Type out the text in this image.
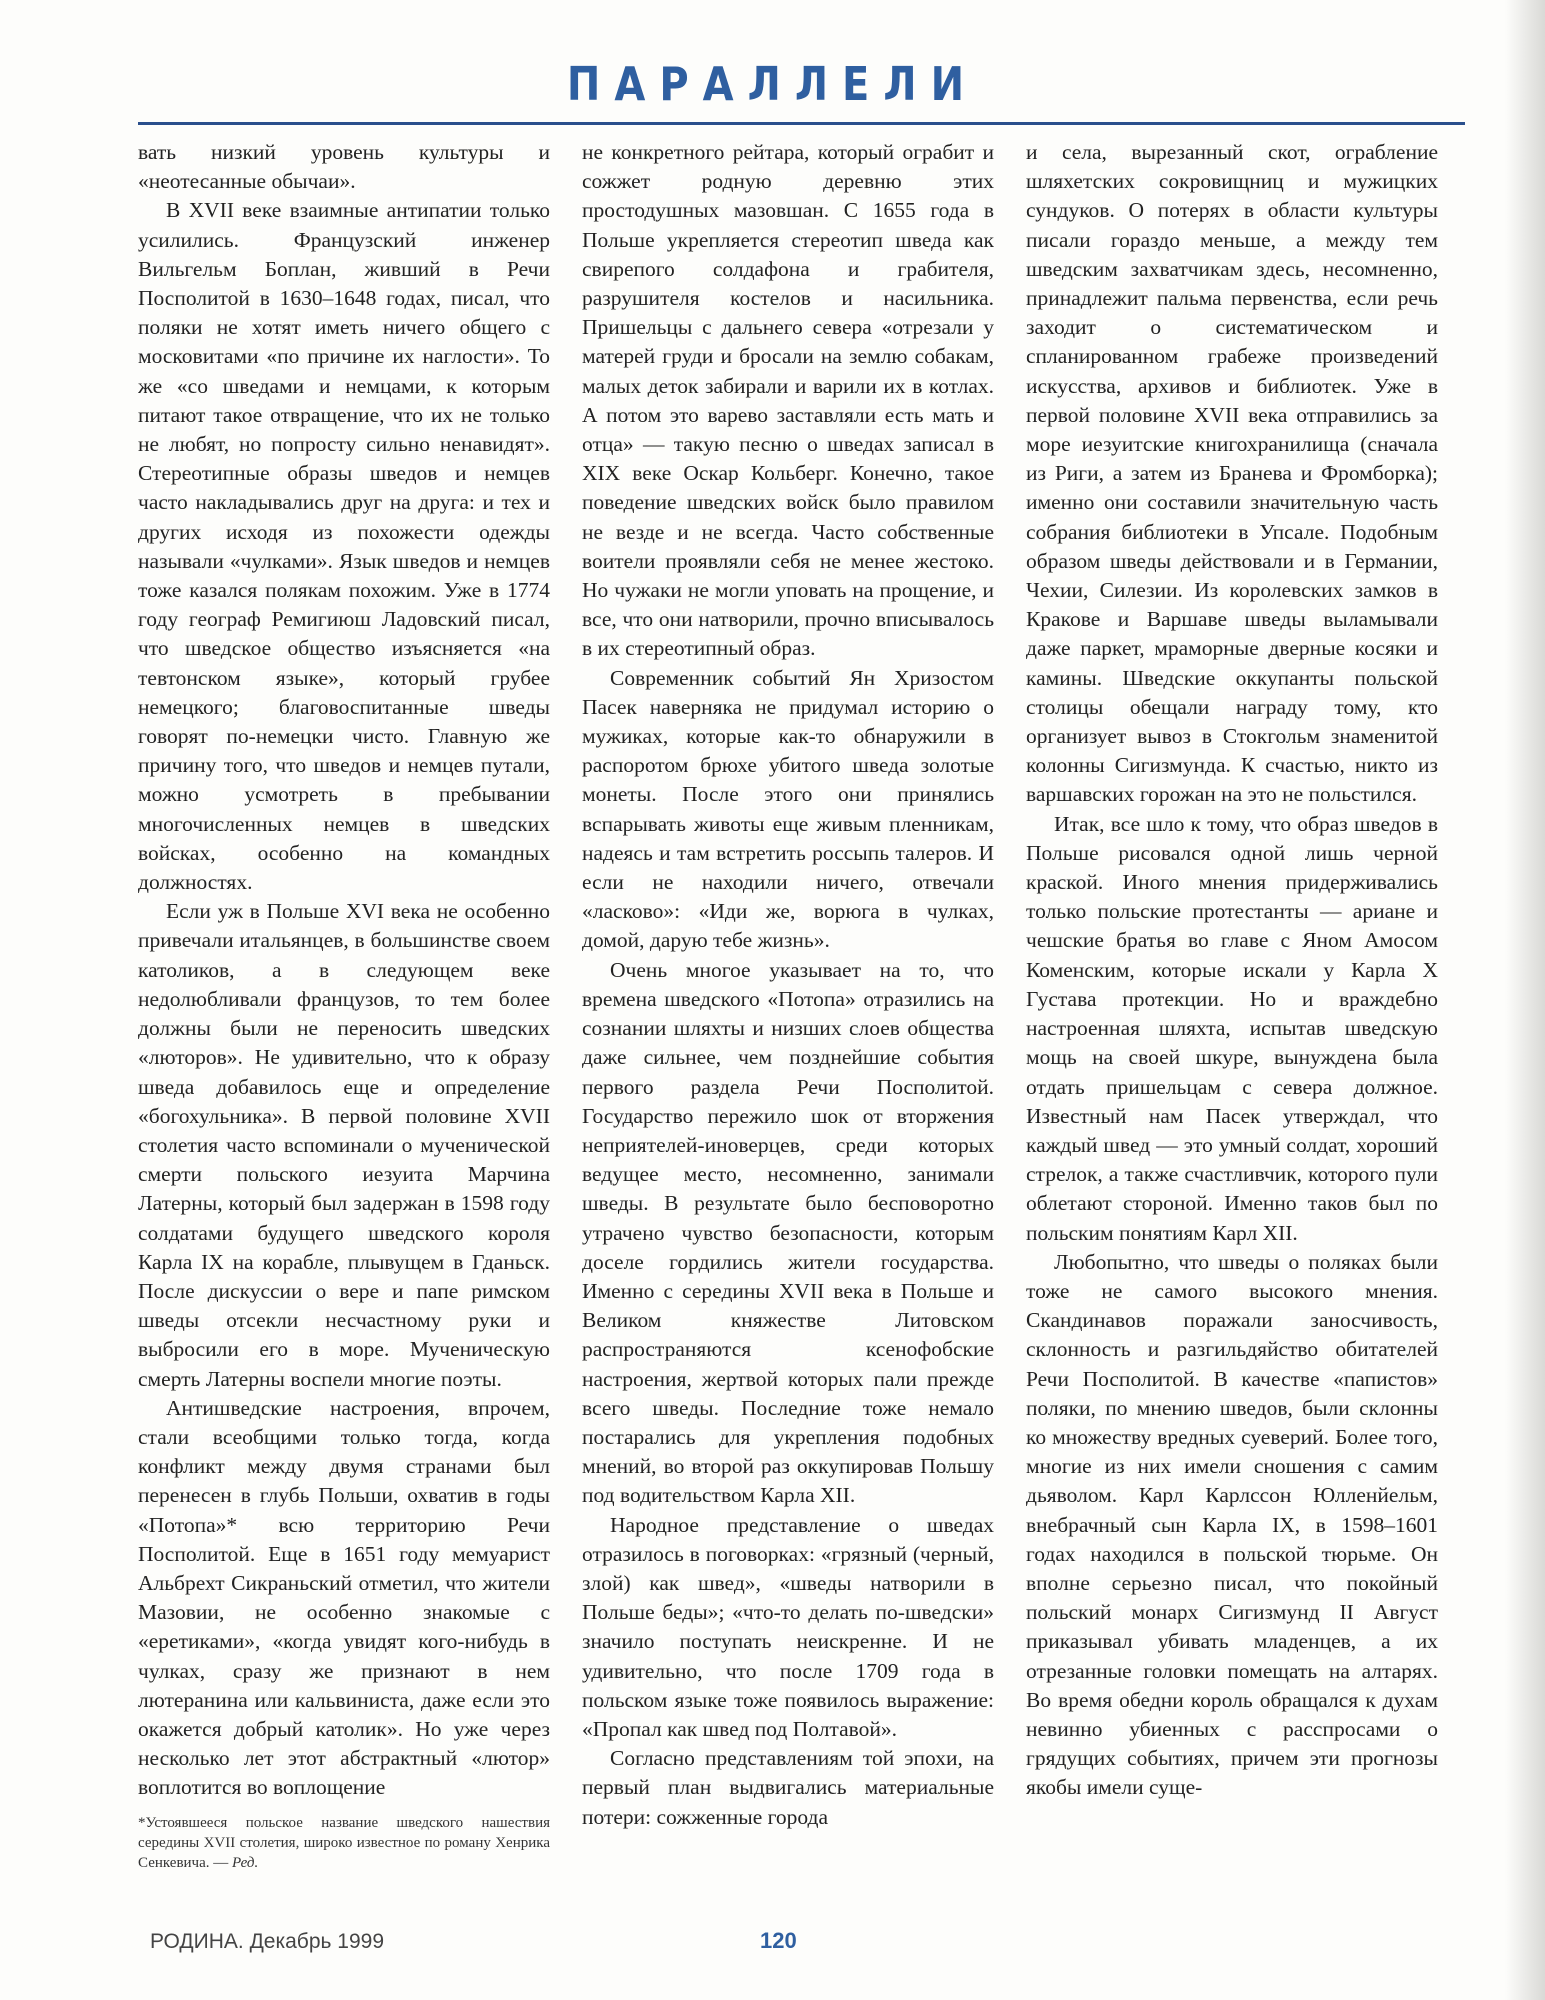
ПАРАЛЛЕЛИ

вать низкий уровень культуры и «неотесанные обычаи».

В XVII веке взаимные антипатии только усилились. Французский инженер Вильгельм Боплан, живший в Речи Посполитой в 1630–1648 годах, писал, что поляки не хотят иметь ничего общего с московитами «по причине их наглости». То же «со шведами и немцами, к которым питают такое отвращение, что их не только не любят, но попросту сильно ненавидят». Стереотипные образы шведов и немцев часто накладывались друг на друга: и тех и других исходя из похожести одежды называли «чулками». Язык шведов и немцев тоже казался полякам похожим. Уже в 1774 году географ Ремигиюш Ладовский писал, что шведское общество изъясняется «на тевтонском языке», который грубее немецкого; благовоспитанные шведы говорят по-немецки чисто. Главную же причину того, что шведов и немцев путали, можно усмотреть в пребывании многочисленных немцев в шведских войсках, особенно на командных должностях.

Если уж в Польше XVI века не особенно привечали итальянцев, в большинстве своем католиков, а в следующем веке недолюбливали французов, то тем более должны были не переносить шведских «люторов». Не удивительно, что к образу шведа добавилось еще и определение «богохульника». В первой половине XVII столетия часто вспоминали о мученической смерти польского иезуита Марчина Латерны, который был задержан в 1598 году солдатами будущего шведского короля Карла IX на корабле, плывущем в Гданьск. После дискуссии о вере и папе римском шведы отсекли несчастному руки и выбросили его в море. Мученическую смерть Латерны воспели многие поэты.

Антишведские настроения, впрочем, стали всеобщими только тогда, когда конфликт между двумя странами был перенесен в глубь Польши, охватив в годы «Потопа»* всю территорию Речи Посполитой. Еще в 1651 году мемуарист Альбрехт Сикраньский отметил, что жители Мазовии, не особенно знакомые с «еретиками», «когда увидят кого-нибудь в чулках, сразу же признают в нем лютеранина или кальвиниста, даже если это окажется добрый католик». Но уже через несколько лет этот абстрактный «лютор» воплотится во воплощение

*Устоявшееся польское название шведского нашествия середины XVII столетия, широко известное по роману Хенрика Сенкевича. — Ред.

не конкретного рейтара, который ограбит и сожжет родную деревню этих простодушных мазовшан. С 1655 года в Польше укрепляется стереотип шведа как свирепого солдафона и грабителя, разрушителя костелов и насильника. Пришельцы с дальнего севера «отрезали у матерей груди и бросали на землю собакам, малых деток забирали и варили их в котлах. А потом это варево заставляли есть мать и отца» — такую песню о шведах записал в XIX веке Оскар Кольберг. Конечно, такое поведение шведских войск было правилом не везде и не всегда. Часто собственные воители проявляли себя не менее жестоко. Но чужаки не могли уповать на прощение, и все, что они натворили, прочно вписывалось в их стереотипный образ.

Современник событий Ян Хризостом Пасек наверняка не придумал историю о мужиках, которые как-то обнаружили в распоротом брюхе убитого шведа золотые монеты. После этого они принялись вспарывать животы еще живым пленникам, надеясь и там встретить россыпь талеров. И если не находили ничего, отвечали «ласково»: «Иди же, ворюга в чулках, домой, дарую тебе жизнь».

Очень многое указывает на то, что времена шведского «Потопа» отразились на сознании шляхты и низших слоев общества даже сильнее, чем позднейшие события первого раздела Речи Посполитой. Государство пережило шок от вторжения неприятелей-иноверцев, среди которых ведущее место, несомненно, занимали шведы. В результате было бесповоротно утрачено чувство безопасности, которым доселе гордились жители государства. Именно с середины XVII века в Польше и Великом княжестве Литовском распространяются ксенофобские настроения, жертвой которых пали прежде всего шведы. Последние тоже немало постарались для укрепления подобных мнений, во второй раз оккупировав Польшу под водительством Карла XII.

Народное представление о шведах отразилось в поговорках: «грязный (черный, злой) как швед», «шведы натворили в Польше беды»; «что-то делать по-шведски» значило поступать неискренне. И не удивительно, что после 1709 года в польском языке тоже появилось выражение: «Пропал как швед под Полтавой».

Согласно представлениям той эпохи, на первый план выдвигались материальные потери: сожженные города

и села, вырезанный скот, ограбление шляхетских сокровищниц и мужицких сундуков. О потерях в области культуры писали гораздо меньше, а между тем шведским захватчикам здесь, несомненно, принадлежит пальма первенства, если речь заходит о систематическом и спланированном грабеже произведений искусства, архивов и библиотек. Уже в первой половине XVII века отправились за море иезуитские книгохранилища (сначала из Риги, а затем из Бранева и Фромборка); именно они составили значительную часть собрания библиотеки в Упсале. Подобным образом шведы действовали и в Германии, Чехии, Силезии. Из королевских замков в Кракове и Варшаве шведы выламывали даже паркет, мраморные дверные косяки и камины. Шведские оккупанты польской столицы обещали награду тому, кто организует вывоз в Стокгольм знаменитой колонны Сигизмунда. К счастью, никто из варшавских горожан на это не польстился.

Итак, все шло к тому, что образ шведов в Польше рисовался одной лишь черной краской. Иного мнения придерживались только польские протестанты — ариане и чешские братья во главе с Яном Амосом Коменским, которые искали у Карла X Густава протекции. Но и враждебно настроенная шляхта, испытав шведскую мощь на своей шкуре, вынуждена была отдать пришельцам с севера должное. Известный нам Пасек утверждал, что каждый швед — это умный солдат, хороший стрелок, а также счастливчик, которого пули облетают стороной. Именно таков был по польским понятиям Карл XII.

Любопытно, что шведы о поляках были тоже не самого высокого мнения. Скандинавов поражали заносчивость, склонность и разгильдяйство обитателей Речи Посполитой. В качестве «папистов» поляки, по мнению шведов, были склонны ко множеству вредных суеверий. Более того, многие из них имели сношения с самим дьяволом. Карл Карлссон Юлленйельм, внебрачный сын Карла IX, в 1598–1601 годах находился в польской тюрьме. Он вполне серьезно писал, что покойный польский монарх Сигизмунд II Август приказывал убивать младенцев, а их отрезанные головки помещать на алтарях. Во время обедни король обращался к духам невинно убиенных с расспросами о грядущих событиях, причем эти прогнозы якобы имели суще-

РОДИНА. Декабрь 1999	120
